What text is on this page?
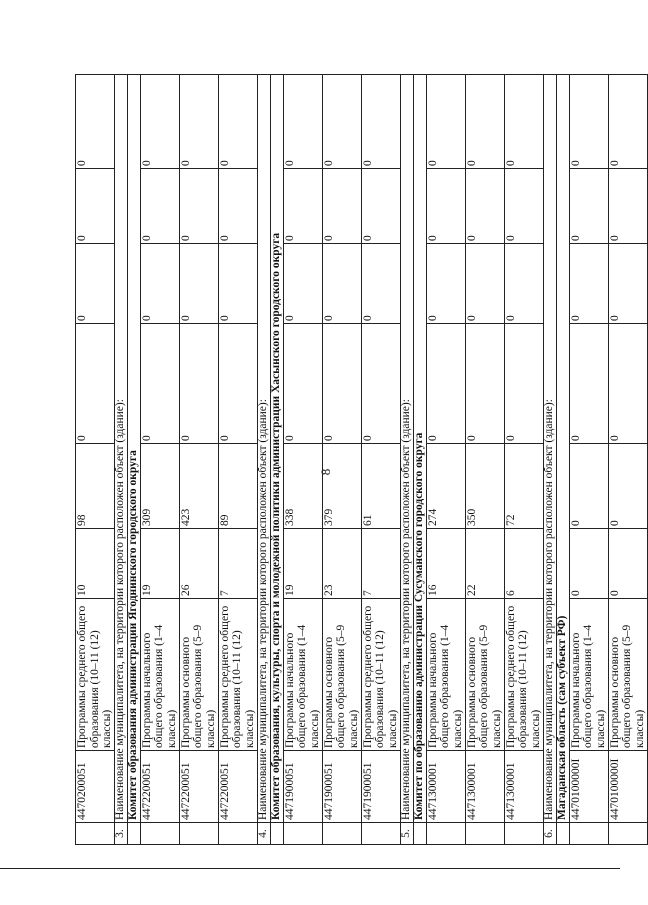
8
	4470200051	Программы среднего общего образования (10–11 (12) классы)	10	98	0	0	0	0
3.	Наименование муниципалитета, на территории которого расположен объект (здание):							
	Комитет образования администрации Ягоднинского городского округа							
	4472200051	Программы начального общего образования (1–4 классы)	19	309	0	0	0	0
	4472200051	Программы основного общего образования (5–9 классы)	26	423	0	0	0	0
	4472200051	Программы среднего общего образования (10–11 (12) классы)	7	89	0	0	0	0
4.	Наименование муниципалитета, на территории которого расположен объект (здание):							
	Комитет образования, культуры, спорта и молодежной политики администрации Хасынского городского округа							
	4471900051	Программы начального общего образования (1–4 классы)	19	338	0	0	0	0
	4471900051	Программы основного общего образования (5–9 классы)	23	379	0	0	0	0
	4471900051	Программы среднего общего образования (10–11 (12) классы)	7	61	0	0	0	0
5.	Наименование муниципалитета, на территории которого расположен объект (здание):							
	Комитет по образованию администрации Сусуманского городского округа							
	4471300001	Программы начального общего образования (1–4 классы)	16	274	0	0	0	0
	4471300001	Программы основного общего образования (5–9 классы)	22	350	0	0	0	0
	4471300001	Программы среднего общего образования (10–11 (12) классы)	6	72	0	0	0	0
6.	Наименование муниципалитета, на территории которого расположен объект (здание):							
	Магаданская область (сам субъект РФ)							
	4470100000I	Программы начального общего образования (1–4 классы)	0	0	0	0	0	0
	4470100000I	Программы основного общего образования (5–9 классы)	0	0	0	0	0	0
